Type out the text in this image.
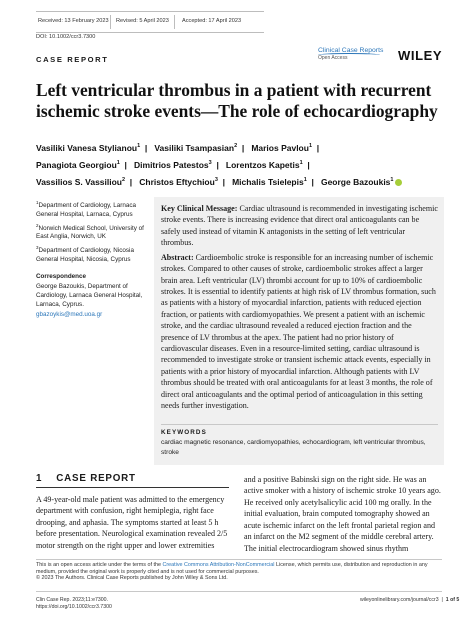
Received: 13 February 2023 Revised: 5 April 2023 Accepted: 17 April 2023
DOI: 10.1002/ccr3.7300
Clinical Case Reports
Open Access	WILEY
CASE REPORT
Left ventricular thrombus in a patient with recurrent ischemic stroke events—The role of echocardiography
Vasiliki Vanesa Stylianou$^1$  |   Vasiliki Tsampasian$^2$  |   Marios Pavlou$^1$  |
Panagiota Georgiou$^1$  |   Dimitrios Patestos$^3$  |   Lorentzos Kapetis$^1$  |
Vassilios S. Vassiliou$^2$  |   Christos Eftychiou$^3$  |   Michalis Tsielepis$^1$  |   George Bazoukis$^1$

$^1$Department of Cardiology, Larnaca General Hospital, Larnaca, Cyprus

$^2$Norwich Medical School, University of East Anglia, Norwich, UK

$^3$Department of Cardiology, Nicosia General Hospital, Nicosia, Cyprus

Correspondence

George Bazoukis, Department of Cardiology, Larnaca General Hospital, Larnaca, Cyprus.

gbazoykis@med.uoa.gr

Key Clinical Message: Cardiac ultrasound is recommended in investigating ischemic stroke events. There is increasing evidence that direct oral anticoagulants can be safely used instead of vitamin K antagonists in the setting of left ventricular thrombus.

Abstract: Cardioembolic stroke is responsible for an increasing number of ischemic strokes. Compared to other causes of stroke, cardioembolic strokes affect a larger brain area. Left ventricular (LV) thrombi account for up to 10% of cardioembolic strokes. It is essential to identify patients at high risk of LV thrombus formation, such as patients with a history of myocardial infarction, patients with reduced ejection fraction, or patients with cardiomyopathies. We present a patient with an ischemic stroke, and the cardiac ultrasound revealed a reduced ejection fraction and the presence of LV thrombus at the apex. The patient had no prior history of cardiovascular diseases. Even in a resource-limited setting, cardiac ultrasound is recommended to investigate stroke or transient ischemic attack events, especially in patients with a prior history of myocardial infarction. Although patients with LV thrombus should be treated with oral anticoagulants for at least 3 months, the role of direct oral anticoagulants and the optimal period of anticoagulation in this setting needs further investigation.

KEYWORDS
cardiac magnetic resonance, cardiomyopathies, echocardiogram, left ventricular thrombus, stroke
1 CASE REPORT

A 49-year-old male patient was admitted to the emergency department with confusion, right hemiplegia, right face drooping, and aphasia. The symptoms started at least 5 h before presentation. Neurological examination revealed 2/5 motor strength on the right upper and lower extremities

and a positive Babinski sign on the right side. He was an active smoker with a history of ischemic stroke 10 years ago. He received only acetylsalicylic acid 100 mg orally. In the initial evaluation, brain computed tomography showed an acute ischemic infarct on the left frontal parietal region and an infarct on the M2 segment of the middle cerebral artery. The initial electrocardiogram showed sinus rhythm

This is an open access article under the terms of the Creative Commons Attribution-NonCommercial License, which permits use, distribution and reproduction in any medium, provided the original work is properly cited and is not used for commercial purposes.

© 2023 The Authors. Clinical Case Reports published by John Wiley & Sons Ltd.

Clin Case Rep. 2023;11:e7300.
https://doi.org/10.1002/ccr3.7300
wileyonlinelibrary.com/journal/ccr3  |  1 of 5
